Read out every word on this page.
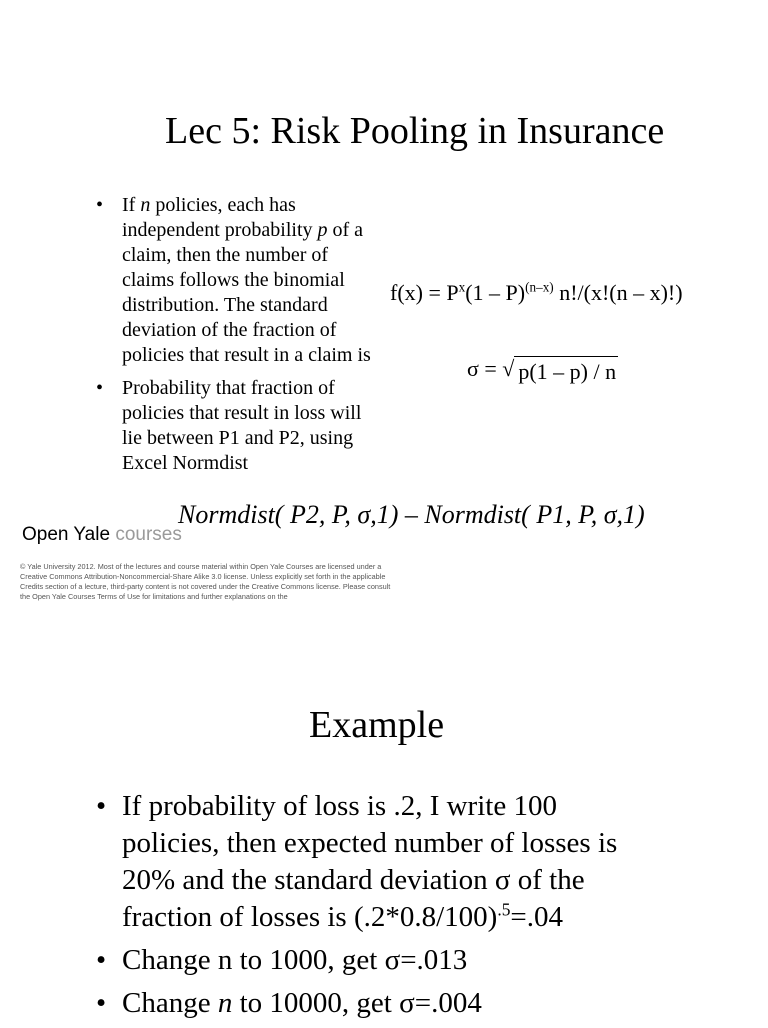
Lec 5: Risk Pooling in Insurance
• If n policies, each has independent probability p of a claim, then the number of claims follows the binomial distribution. The standard deviation of the fraction of policies that result in a claim is
• Probability that fraction of policies that result in loss will lie between P1 and P2, using Excel Normdist
$f(x) = P^x(1 - P)^{(n-x)}$ n!/(x!(n – x)!)
σ = √ p(1 – p) / n
Normdist( P2, P, σ,1) – Normdist( P1, P, σ,1)
Open Yale courses
© Yale University 2012. Most of the lectures and course material within Open Yale Courses are licensed under a Creative Commons Attribution-Noncommercial-Share Alike 3.0 license. Unless explicitly set forth in the applicable Credits section of a lecture, third-party content is not covered under the Creative Commons license. Please consult the Open Yale Courses Terms of Use for limitations and further explanations on the
Example
• If probability of loss is .2, I write 100 policies, then expected number of losses is 20% and the standard deviation σ of the fraction of losses is $(.2*0.8/100)^{.5}=.04$
• Change n to 1000, get σ=.013
• Change n to 10000, get σ=.004
